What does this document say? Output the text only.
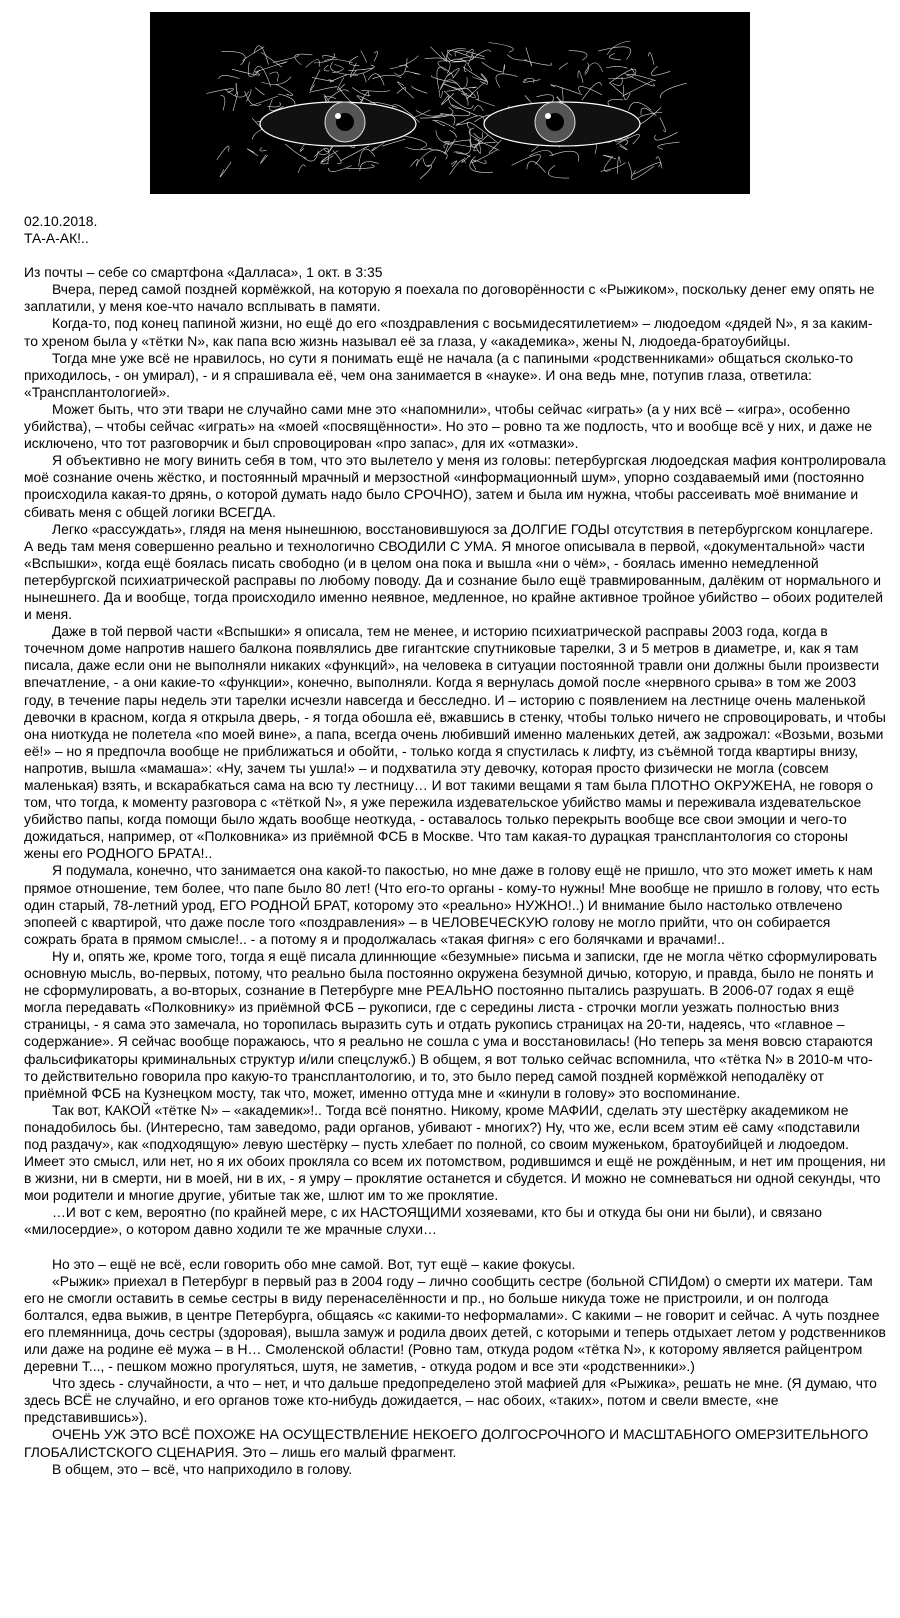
02.10.2018.

ТА-А-АК!..

Из почты – себе со смартфона «Далласа», 1 окт. в 3:35

Вчера, перед самой поздней кормёжкой, на которую я поехала по договорённости с «Рыжиком», поскольку денег ему опять не заплатили, у меня кое-что начало всплывать в памяти.

Когда-то, под конец папиной жизни, но ещё до его «поздравления с восьмидесятилетием» – людоедом «дядей N», я за каким-то хреном была у «тётки N», как папа всю жизнь называл её за глаза, у «академика», жены N, людоеда-братоубийцы.

Тогда мне уже всё не нравилось, но сути я понимать ещё не начала (а с папиными «родственниками» общаться сколько-то приходилось, - он умирал), - и я спрашивала её, чем она занимается в «науке». И она ведь мне, потупив глаза, ответила: «Трансплантологией».

Может быть, что эти твари не случайно сами мне это «напомнили», чтобы сейчас «играть» (а у них всё – «игра», особенно убийства), – чтобы сейчас «играть» на «моей «посвящённости». Но это – ровно та же подлость, что и вообще всё у них, и даже не исключено, что тот разговорчик и был спровоцирован «про запас», для их «отмазки».

Я объективно не могу винить себя в том, что это вылетело у меня из головы: петербургская людоедская мафия контролировала моё сознание очень жёстко, и постоянный мрачный и мерзостной «информационный шум», упорно создаваемый ими (постоянно происходила какая-то дрянь, о которой думать надо было СРОЧНО), затем и была им нужна, чтобы рассеивать моё внимание и сбивать меня с общей логики ВСЕГДА.

Легко «рассуждать», глядя на меня нынешнюю, восстановившуюся за ДОЛГИЕ ГОДЫ отсутствия в петербургском концлагере. А ведь там меня совершенно реально и технологично СВОДИЛИ С УМА. Я многое описывала в первой, «документальной» части «Вспышки», когда ещё боялась писать свободно (и в целом она пока и вышла «ни о чём», - боялась именно немедленной петербургской психиатрической расправы по любому поводу. Да и сознание было ещё травмированным, далёким от нормального и нынешнего. Да и вообще, тогда происходило именно неявное, медленное, но крайне активное тройное убийство – обоих родителей и меня.

Даже в той первой части «Вспышки» я описала, тем не менее, и историю психиатрической расправы 2003 года, когда в точечном доме напротив нашего балкона появлялись две гигантские спутниковые тарелки, 3 и 5 метров в диаметре, и, как я там писала, даже если они не выполняли никаких «функций», на человека в ситуации постоянной травли они должны были произвести впечатление, - а они какие-то «функции», конечно, выполняли. Когда я вернулась домой после «нервного срыва» в том же 2003 году, в течение пары недель эти тарелки исчезли навсегда и бесследно. И – историю с появлением на лестнице очень маленькой девочки в красном, когда я открыла дверь, - я тогда обошла её, вжавшись в стенку, чтобы только ничего не спровоцировать, и чтобы она ниоткуда не полетела «по моей вине», а папа, всегда очень любивший именно маленьких детей, аж задрожал: «Возьми, возьми её!» – но я предпочла вообще не приближаться и обойти, - только когда я спустилась к лифту, из съёмной тогда квартиры внизу, напротив, вышла «мамаша»: «Ну, зачем ты ушла!» – и подхватила эту девочку, которая просто физически не могла (совсем маленькая) взять, и вскарабкаться сама на всю ту лестницу… И вот такими вещами я там была ПЛОТНО ОКРУЖЕНА, не говоря о том, что тогда, к моменту разговора с «тёткой N», я уже пережила издевательское убийство мамы и переживала издевательское убийство папы, когда помощи было ждать вообще неоткуда, - оставалось только перекрыть вообще все свои эмоции и чего-то дожидаться, например, от «Полковника» из приёмной ФСБ в Москве. Что там какая-то дурацкая трансплантология со стороны жены его РОДНОГО БРАТА!..

Я подумала, конечно, что занимается она какой-то пакостью, но мне даже в голову ещё не пришло, что это может иметь к нам прямое отношение, тем более, что папе было 80 лет! (Что его-то органы - кому-то нужны! Мне вообще не пришло в голову, что есть один старый, 78-летний урод, ЕГО РОДНОЙ БРАТ, которому это «реально» НУЖНО!..) И внимание было настолько отвлечено эпопеей с квартирой, что даже после того «поздравления» – в ЧЕЛОВЕЧЕСКУЮ голову не могло прийти, что он собирается сожрать брата в прямом смысле!.. - а потому я и продолжалась «такая фигня» с его болячками и врачами!..

Ну и, опять же, кроме того, тогда я ещё писала длиннющие «безумные» письма и записки, где не могла чётко сформулировать основную мысль, во-первых, потому, что реально была постоянно окружена безумной дичью, которую, и правда, было не понять и не сформулировать, а во-вторых, сознание в Петербурге мне РЕАЛЬНО постоянно пытались разрушать. В 2006-07 годах я ещё могла передавать «Полковнику» из приёмной ФСБ – рукописи, где с середины листа - строчки могли уезжать полностью вниз страницы, - я сама это замечала, но торопилась выразить суть и отдать рукопись страницах на 20-ти, надеясь, что «главное – содержание». Я сейчас вообще поражаюсь, что я реально не сошла с ума и восстановилась! (Но теперь за меня вовсю стараются фальсификаторы криминальных структур и/или спецслужб.) В общем, я вот только сейчас вспомнила, что «тётка N» в 2010-м что-то действительно говорила про какую-то трансплантологию, и то, это было перед самой поздней кормёжкой неподалёку от приёмной ФСБ на Кузнецком мосту, так что, может, именно оттуда мне и «кинули в голову» это воспоминание.

Так вот, КАКОЙ «тётке N» – «академик»!.. Тогда всё понятно. Никому, кроме МАФИИ, сделать эту шестёрку академиком не понадобилось бы. (Интересно, там заведомо, ради органов, убивают - многих?) Ну, что же, если всем этим её саму «подставили под раздачу», как «подходящую» левую шестёрку – пусть хлебает по полной, со своим муженьком, братоубийцей и людоедом. Имеет это смысл, или нет, но я их обоих прокляла со всем их потомством, родившимся и ещё не рождённым, и нет им прощения, ни в жизни, ни в смерти, ни в моей, ни в их, - я умру – проклятие останется и сбудется. И можно не сомневаться ни одной секунды, что мои родители и многие другие, убитые так же, шлют им то же проклятие.

…И вот с кем, вероятно (по крайней мере, с их НАСТОЯЩИМИ хозяевами, кто бы и откуда бы они ни были), и связано «милосердие», о котором давно ходили те же мрачные слухи…

Но это – ещё не всё, если говорить обо мне самой. Вот, тут ещё – какие фокусы.

«Рыжик» приехал в Петербург в первый раз в 2004 году – лично сообщить сестре (больной СПИДом) о смерти их матери. Там его не смогли оставить в семье сестры в виду перенаселённости и пр., но больше никуда тоже не пристроили, и он полгода болтался, едва выжив, в центре Петербурга, общаясь «с какими-то неформалами». С какими – не говорит и сейчас. А чуть позднее его племянница, дочь сестры (здоровая), вышла замуж и родила двоих детей, с которыми и теперь отдыхает летом у родственников или даже на родине её мужа – в Н… Смоленской области! (Ровно там, откуда родом «тётка N», к которому является райцентром деревни Т..., - пешком можно прогуляться, шутя, не заметив, - откуда родом и все эти «родственники».)

Что здесь - случайности, а что – нет, и что дальше предопределено этой мафией для «Рыжика», решать не мне. (Я думаю, что здесь ВСЁ не случайно, и его органов тоже кто-нибудь дожидается, – нас обоих, «таких», потом и свели вместе, «не представившись»).

ОЧЕНЬ УЖ ЭТО ВСЁ ПОХОЖЕ НА ОСУЩЕСТВЛЕНИЕ НЕКОЕГО ДОЛГОСРОЧНОГО И МАСШТАБНОГО ОМЕРЗИТЕЛЬНОГО ГЛОБАЛИСТСКОГО СЦЕНАРИЯ. Это – лишь его малый фрагмент.

В общем, это – всё, что наприходило в голову.
